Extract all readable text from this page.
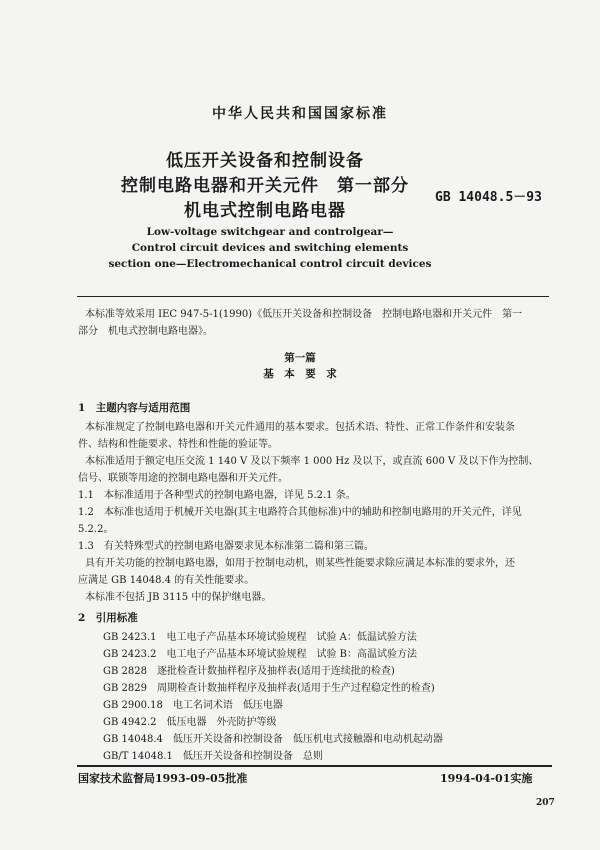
中华人民共和国国家标准
低压开关设备和控制设备
控制电路电器和开关元件　第一部分
机电式控制电路电器
GB 14048.5－93
Low-voltage switchgear and controlgear—
Control circuit devices and switching elements
section one—Electromechanical control circuit devices
本标准等效采用 IEC 947-5-1(1990)《低压开关设备和控制设备　控制电路电器和开关元件　第一
部分　机电式控制电路电器》。
第一篇
基　本　要　求
1　主题内容与适用范围
本标准规定了控制电路电器和开关元件通用的基本要求。包括术语、特性、正常工作条件和安装条
件、结构和性能要求、特性和性能的验证等。
本标准适用于额定电压交流 1 140 V 及以下频率 1 000 Hz 及以下，或直流 600 V 及以下作为控制、
信号、联锁等用途的控制电路电器和开关元件。
1.1　本标准适用于各种型式的控制电路电器，详见 5.2.1 条。
1.2　本标准也适用于机械开关电器(其主电路符合其他标准)中的辅助和控制电路用的开关元件，详见
5.2.2。
1.3　有关特殊型式的控制电路电器要求见本标准第二篇和第三篇。
具有开关功能的控制电路电器，如用于控制电动机，则某些性能要求除应满足本标准的要求外，还
应满足 GB 14048.4 的有关性能要求。
本标准不包括 JB 3115 中的保护继电器。
2　引用标准
GB 2423.1　电工电子产品基本环境试验规程　试验 A：低温试验方法
GB 2423.2　电工电子产品基本环境试验规程　试验 B：高温试验方法
GB 2828　逐批检查计数抽样程序及抽样表(适用于连续批的检查)
GB 2829　周期检查计数抽样程序及抽样表(适用于生产过程稳定性的检查)
GB 2900.18　电工名词术语　低压电器
GB 4942.2　低压电器　外壳防护等级
GB 14048.4　低压开关设备和控制设备　低压机电式接触器和电动机起动器
GB/T 14048.1　低压开关设备和控制设备　总则
国家技术监督局1993-09-05批准	1994-04-01实施
207
